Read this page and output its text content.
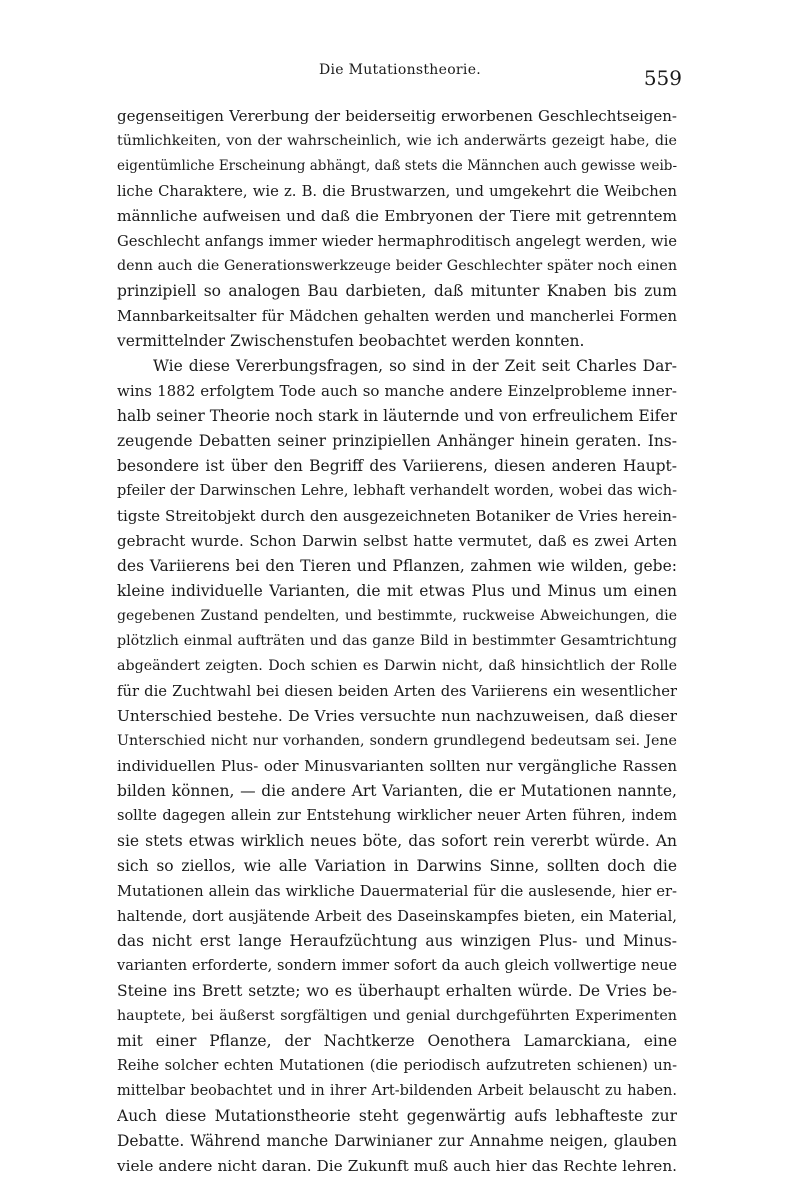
Die Mutationstheorie.	559
gegenseitigen Vererbung der beiderseitig erworbenen Geschlechtseigen-
tümlichkeiten, von der wahrscheinlich, wie ich anderwärts gezeigt habe, die
eigentümliche Erscheinung abhängt, daß stets die Männchen auch gewisse weib-
liche Charaktere, wie z. B. die Brustwarzen, und umgekehrt die Weibchen
männliche aufweisen und daß die Embryonen der Tiere mit getrenntem
Geschlecht anfangs immer wieder hermaphroditisch angelegt werden, wie
denn auch die Generationswerkzeuge beider Geschlechter später noch einen
prinzipiell so analogen Bau darbieten, daß mitunter Knaben bis zum
Mannbarkeitsalter für Mädchen gehalten werden und mancherlei Formen
vermittelnder Zwischenstufen beobachtet werden konnten.
Wie diese Vererbungsfragen, so sind in der Zeit seit Charles Dar-
wins 1882 erfolgtem Tode auch so manche andere Einzelprobleme inner-
halb seiner Theorie noch stark in läuternde und von erfreulichem Eifer
zeugende Debatten seiner prinzipiellen Anhänger hinein geraten. Ins-
besondere ist über den Begriff des Variierens, diesen anderen Haupt-
pfeiler der Darwinschen Lehre, lebhaft verhandelt worden, wobei das wich-
tigste Streitobjekt durch den ausgezeichneten Botaniker de Vries herein-
gebracht wurde. Schon Darwin selbst hatte vermutet, daß es zwei Arten
des Variierens bei den Tieren und Pflanzen, zahmen wie wilden, gebe:
kleine individuelle Varianten, die mit etwas Plus und Minus um einen
gegebenen Zustand pendelten, und bestimmte, ruckweise Abweichungen, die
plötzlich einmal aufträten und das ganze Bild in bestimmter Gesamtrichtung
abgeändert zeigten. Doch schien es Darwin nicht, daß hinsichtlich der Rolle
für die Zuchtwahl bei diesen beiden Arten des Variierens ein wesentlicher
Unterschied bestehe. De Vries versuchte nun nachzuweisen, daß dieser
Unterschied nicht nur vorhanden, sondern grundlegend bedeutsam sei. Jene
individuellen Plus- oder Minusvarianten sollten nur vergängliche Rassen
bilden können, — die andere Art Varianten, die er Mutationen nannte,
sollte dagegen allein zur Entstehung wirklicher neuer Arten führen, indem
sie stets etwas wirklich neues böte, das sofort rein vererbt würde. An
sich so ziellos, wie alle Variation in Darwins Sinne, sollten doch die
Mutationen allein das wirkliche Dauermaterial für die auslesende, hier er-
haltende, dort ausjätende Arbeit des Daseinskampfes bieten, ein Material,
das nicht erst lange Heraufzüchtung aus winzigen Plus- und Minus-
varianten erforderte, sondern immer sofort da auch gleich vollwertige neue
Steine ins Brett setzte; wo es überhaupt erhalten würde. De Vries be-
hauptete, bei äußerst sorgfältigen und genial durchgeführten Experimenten
mit einer Pflanze, der Nachtkerze Oenothera Lamarckiana, eine
Reihe solcher echten Mutationen (die periodisch aufzutreten schienen) un-
mittelbar beobachtet und in ihrer Art-bildenden Arbeit belauscht zu haben.
Auch diese Mutationstheorie steht gegenwärtig aufs lebhafteste zur
Debatte. Während manche Darwinianer zur Annahme neigen, glauben
viele andere nicht daran. Die Zukunft muß auch hier das Rechte lehren.
